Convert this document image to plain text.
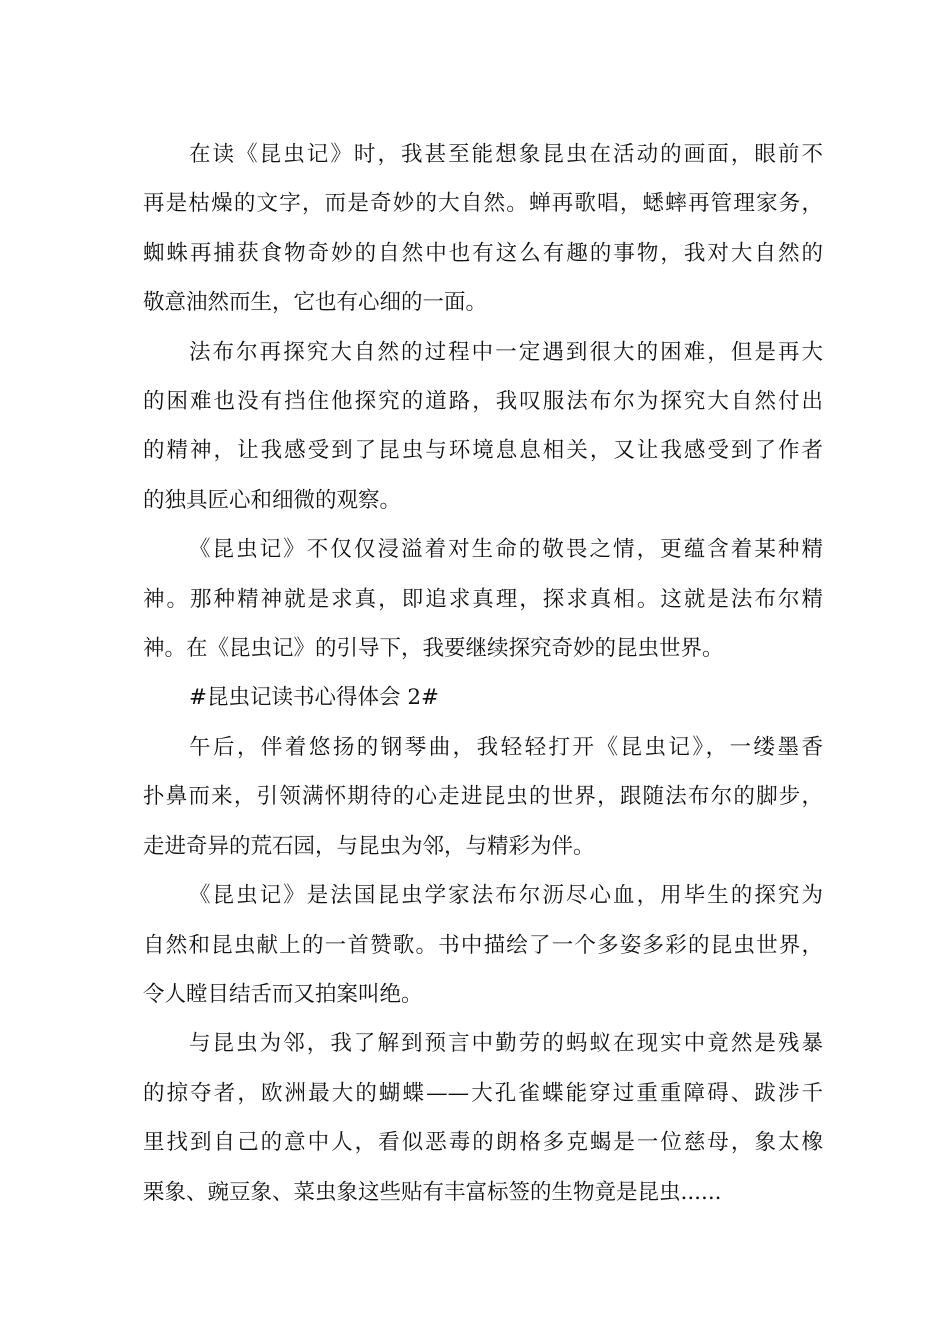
在读《昆虫记》时，我甚至能想象昆虫在活动的画面，眼前不
再是枯燥的文字，而是奇妙的大自然。蝉再歌唱，蟋蟀再管理家务，
蜘蛛再捕获食物奇妙的自然中也有这么有趣的事物，我对大自然的
敬意油然而生，它也有心细的一面。
法布尔再探究大自然的过程中一定遇到很大的困难，但是再大
的困难也没有挡住他探究的道路，我叹服法布尔为探究大自然付出
的精神，让我感受到了昆虫与环境息息相关，又让我感受到了作者
的独具匠心和细微的观察。
《昆虫记》不仅仅浸溢着对生命的敬畏之情，更蕴含着某种精
神。那种精神就是求真，即追求真理，探求真相。这就是法布尔精
神。在《昆虫记》的引导下，我要继续探究奇妙的昆虫世界。
#昆虫记读书心得体会 2#
午后，伴着悠扬的钢琴曲，我轻轻打开《昆虫记》，一缕墨香
扑鼻而来，引领满怀期待的心走进昆虫的世界，跟随法布尔的脚步，
走进奇异的荒石园，与昆虫为邻，与精彩为伴。
《昆虫记》是法国昆虫学家法布尔沥尽心血，用毕生的探究为
自然和昆虫献上的一首赞歌。书中描绘了一个多姿多彩的昆虫世界，
令人瞠目结舌而又拍案叫绝。
与昆虫为邻，我了解到预言中勤劳的蚂蚁在现实中竟然是残暴
的掠夺者，欧洲最大的蝴蝶——大孔雀蝶能穿过重重障碍、跋涉千
里找到自己的意中人，看似恶毒的朗格多克蝎是一位慈母，象太橡
栗象、豌豆象、菜虫象这些贴有丰富标签的生物竟是昆虫......
